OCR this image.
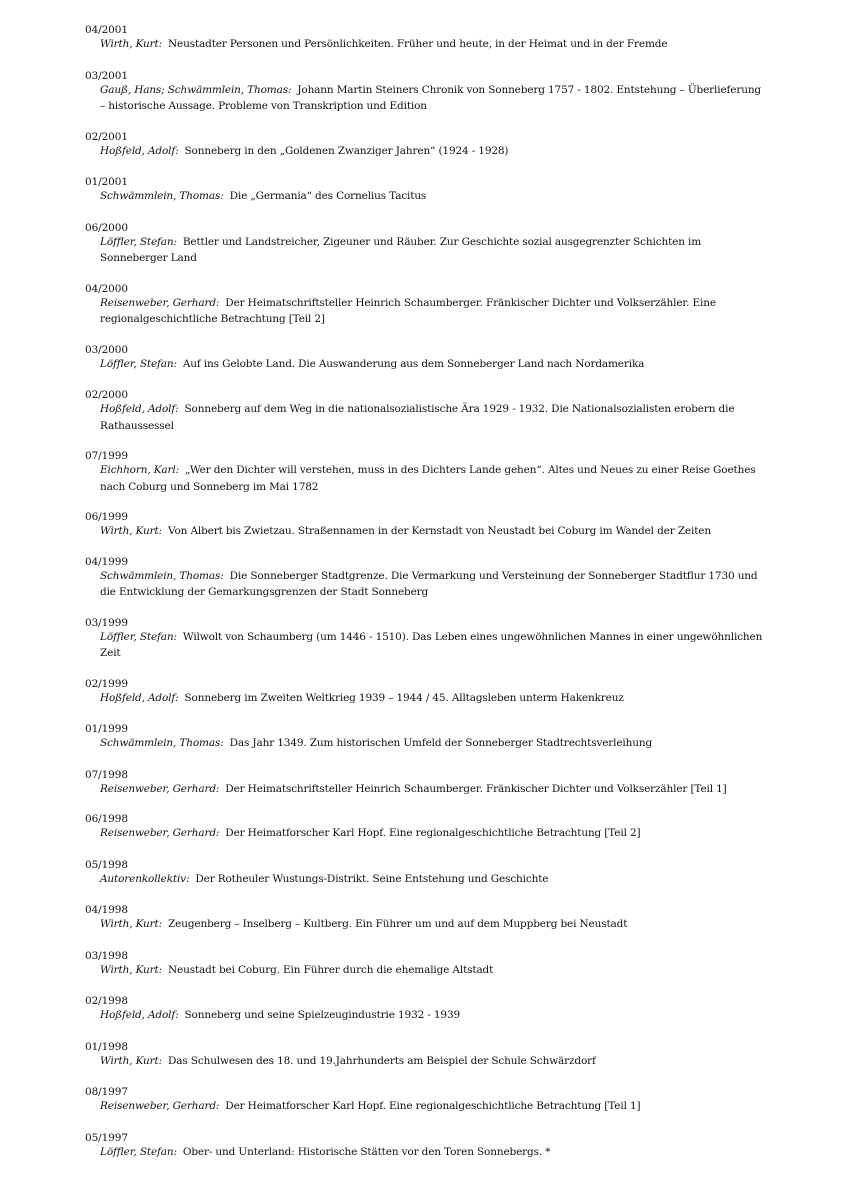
04/2001
Wirth, Kurt: Neustadter Personen und Persönlichkeiten. Früher und heute, in der Heimat und in der Fremde
03/2001
Gauß, Hans; Schwämmlein, Thomas: Johann Martin Steiners Chronik von Sonneberg 1757 - 1802. Entstehung – Überlieferung – historische Aussage. Probleme von Transkription und Edition
02/2001
Hoßfeld, Adolf: Sonneberg in den „Goldenen Zwanziger Jahren“ (1924 - 1928)
01/2001
Schwämmlein, Thomas: Die „Germania“ des Cornelius Tacitus
06/2000
Löffler, Stefan: Bettler und Landstreicher, Zigeuner und Räuber. Zur Geschichte sozial ausgegrenzter Schichten im Sonneberger Land
04/2000
Reisenweber, Gerhard: Der Heimatschriftsteller Heinrich Schaumberger. Fränkischer Dichter und Volkserzähler. Eine regionalgeschichtliche Betrachtung [Teil 2]
03/2000
Löffler, Stefan: Auf ins Gelobte Land. Die Auswanderung aus dem Sonneberger Land nach Nordamerika
02/2000
Hoßfeld, Adolf: Sonneberg auf dem Weg in die nationalsozialistische Ära 1929 - 1932. Die Nationalsozialisten erobern die Rathaussessel
07/1999
Eichhorn, Karl: „Wer den Dichter will verstehen, muss in des Dichters Lande gehen“. Altes und Neues zu einer Reise Goethes nach Coburg und Sonneberg im Mai 1782
06/1999
Wirth, Kurt: Von Albert bis Zwietzau. Straßennamen in der Kernstadt von Neustadt bei Coburg im Wandel der Zeiten
04/1999
Schwämmlein, Thomas: Die Sonneberger Stadtgrenze. Die Vermarkung und Versteinung der Sonneberger Stadtflur 1730 und die Entwicklung der Gemarkungsgrenzen der Stadt Sonneberg
03/1999
Löffler, Stefan: Wilwolt von Schaumberg (um 1446 - 1510). Das Leben eines ungewöhnlichen Mannes in einer ungewöhnlichen Zeit
02/1999
Hoßfeld, Adolf: Sonneberg im Zweiten Weltkrieg 1939 – 1944 / 45. Alltagsleben unterm Hakenkreuz
01/1999
Schwämmlein, Thomas: Das Jahr 1349. Zum historischen Umfeld der Sonneberger Stadtrechtsverleihung
07/1998
Reisenweber, Gerhard: Der Heimatschriftsteller Heinrich Schaumberger. Fränkischer Dichter und Volkserzähler [Teil 1]
06/1998
Reisenweber, Gerhard: Der Heimatforscher Karl Hopf. Eine regionalgeschichtliche Betrachtung [Teil 2]
05/1998
Autorenkollektiv: Der Rotheuler Wustungs-Distrikt. Seine Entstehung und Geschichte
04/1998
Wirth, Kurt: Zeugenberg – Inselberg – Kultberg. Ein Führer um und auf dem Muppberg bei Neustadt
03/1998
Wirth, Kurt: Neustadt bei Coburg. Ein Führer durch die ehemalige Altstadt
02/1998
Hoßfeld, Adolf: Sonneberg und seine Spielzeugindustrie 1932 - 1939
01/1998
Wirth, Kurt: Das Schulwesen des 18. und 19.Jahrhunderts am Beispiel der Schule Schwärzdorf
08/1997
Reisenweber, Gerhard: Der Heimatforscher Karl Hopf. Eine regionalgeschichtliche Betrachtung [Teil 1]
05/1997
Löffler, Stefan: Ober- und Unterland: Historische Stätten vor den Toren Sonnebergs. *
